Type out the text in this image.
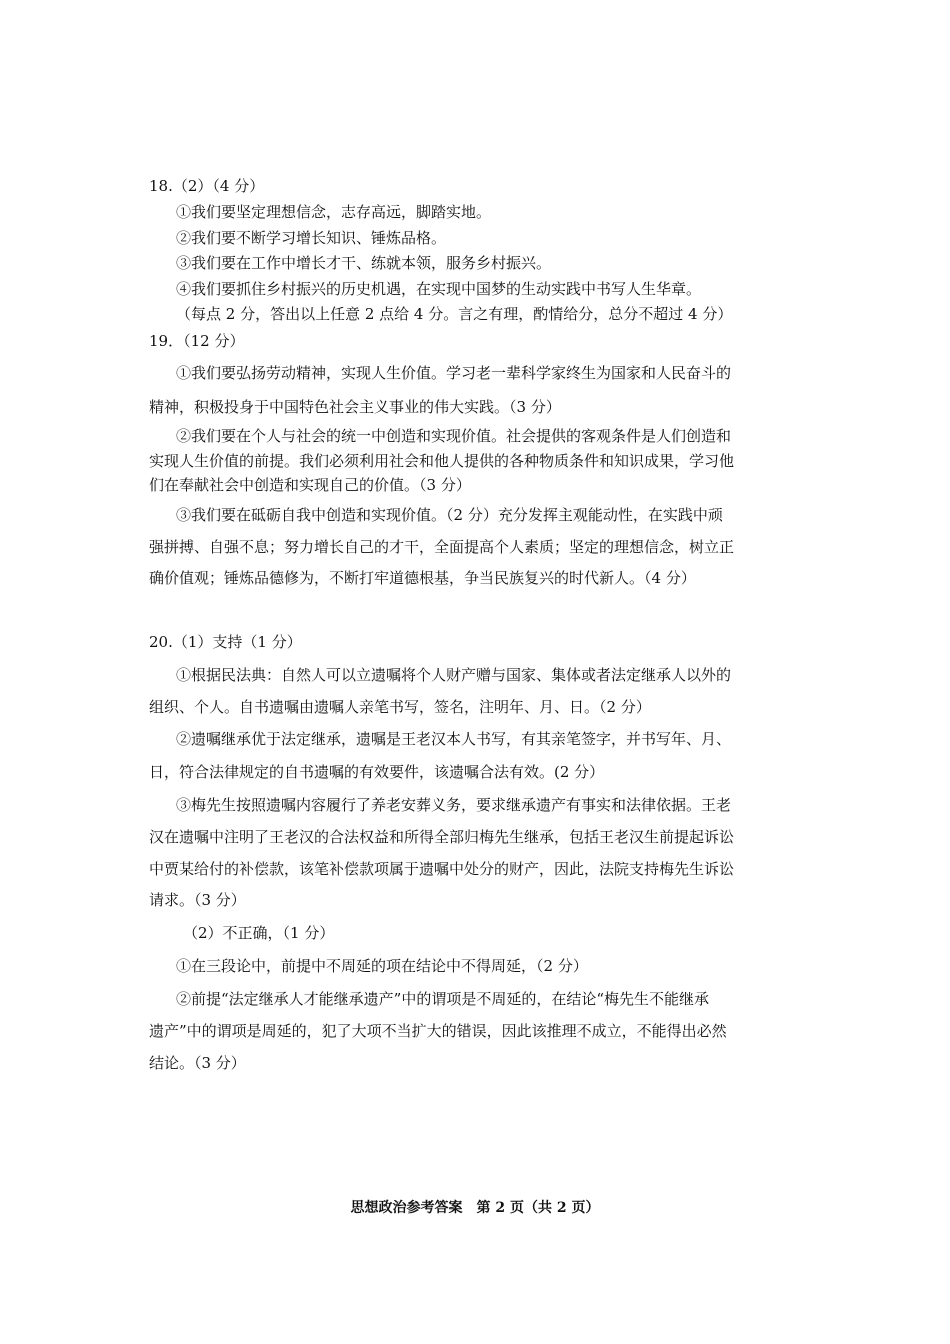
18.（2）（4 分）

①我们要坚定理想信念，志存高远，脚踏实地。

②我们要不断学习增长知识、锤炼品格。

③我们要在工作中增长才干、练就本领，服务乡村振兴。

④我们要抓住乡村振兴的历史机遇，在实现中国梦的生动实践中书写人生华章。

（每点 2 分，答出以上任意 2 点给 4 分。言之有理，酌情给分，总分不超过 4 分）

19．（12 分）

①我们要弘扬劳动精神，实现人生价值。学习老一辈科学家终生为国家和人民奋斗的

精神，积极投身于中国特色社会主义事业的伟大实践。（3 分）

②我们要在个人与社会的统一中创造和实现价值。社会提供的客观条件是人们创造和

实现人生价值的前提。我们必须利用社会和他人提供的各种物质条件和知识成果，学习他

们在奉献社会中创造和实现自己的价值。（3 分）

③我们要在砥砺自我中创造和实现价值。（2 分）充分发挥主观能动性，在实践中顽

强拼搏、自强不息；努力增长自己的才干，全面提高个人素质；坚定的理想信念，树立正

确价值观；锤炼品德修为，不断打牢道德根基，争当民族复兴的时代新人。（4 分）

20.（1）支持（1 分）

①根据民法典：自然人可以立遗嘱将个人财产赠与国家、集体或者法定继承人以外的

组织、个人。自书遗嘱由遗嘱人亲笔书写，签名，注明年、月、日。（2 分）

②遗嘱继承优于法定继承，遗嘱是王老汉本人书写，有其亲笔签字，并书写年、月、

日，符合法律规定的自书遗嘱的有效要件，该遗嘱合法有效。(2 分）

③梅先生按照遗嘱内容履行了养老安葬义务，要求继承遗产有事实和法律依据。王老

汉在遗嘱中注明了王老汉的合法权益和所得全部归梅先生继承，包括王老汉生前提起诉讼

中贾某给付的补偿款，该笔补偿款项属于遗嘱中处分的财产，因此，法院支持梅先生诉讼

请求。（3 分）

（2）不正确，（1 分）

①在三段论中，前提中不周延的项在结论中不得周延，（2 分）

②前提“法定继承人才能继承遗产”中的谓项是不周延的，在结论“梅先生不能继承

遗产”中的谓项是周延的，犯了大项不当扩大的错误，因此该推理不成立，不能得出必然

结论。（3 分）

思想政治参考答案　第 2 页（共 2 页）
